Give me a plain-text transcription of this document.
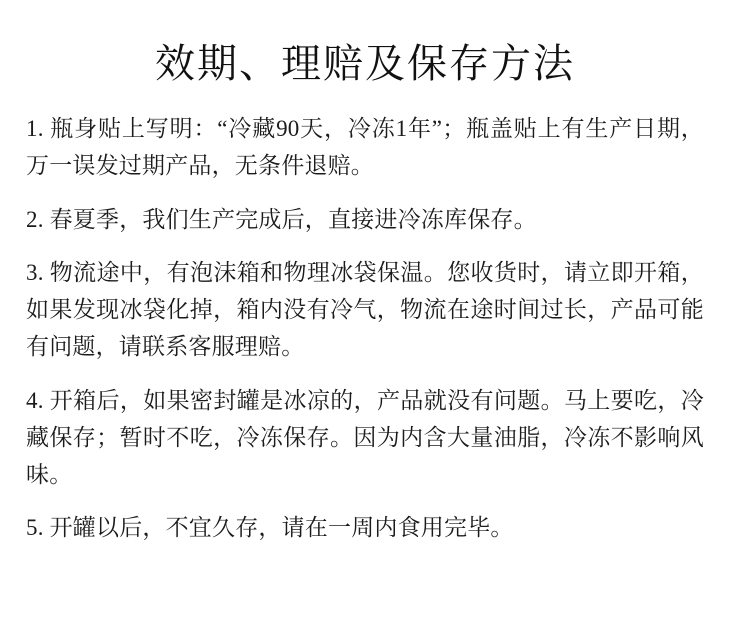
效期、理赔及保存方法

1. 瓶身贴上写明：“冷藏90天，冷冻1年”；瓶盖贴上有生产日期，万一误发过期产品，无条件退赔。

2. 春夏季，我们生产完成后，直接进冷冻库保存。

3. 物流途中，有泡沫箱和物理冰袋保温。您收货时，请立即开箱，如果发现冰袋化掉，箱内没有冷气，物流在途时间过长，产品可能有问题，请联系客服理赔。

4. 开箱后，如果密封罐是冰凉的，产品就没有问题。马上要吃，冷藏保存；暂时不吃，冷冻保存。因为内含大量油脂，冷冻不影响风味。

5. 开罐以后，不宜久存，请在一周内食用完毕。
